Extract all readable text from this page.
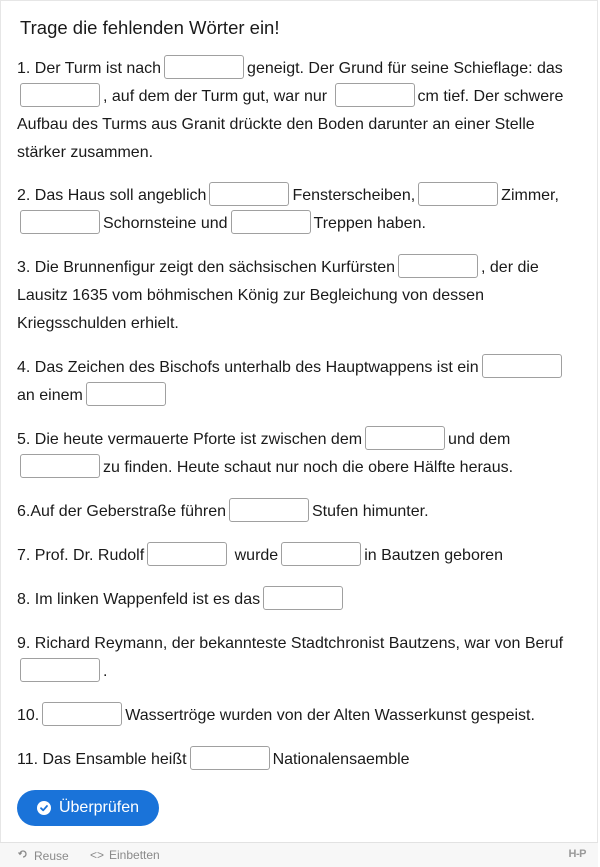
Trage die fehlenden Wörter ein!
1. Der Turm ist nach	geneigt. Der Grund für seine Schieflage: das , auf dem der Turm gut, war nur	cm tief. Der schwere Aufbau des Turms aus Granit drückte den Boden darunter an einer Stelle stärker zusammen.
2. Das Haus soll angeblich	Fensterscheiben,	Zimmer, Schornsteine und	Treppen haben.
3. Die Brunnenfigur zeigt den sächsischen Kurfürsten	, der die Lausitz 1635 vom böhmischen König zur Begleichung von dessen Kriegsschulden erhielt.
4. Das Zeichen des Bischofs unterhalb des Hauptwappens ist ein an einem
5. Die heute vermauerte Pforte ist zwischen dem	und dem zu finden. Heute schaut nur noch die obere Hälfte heraus.
6.Auf der Geberstraße führen	Stufen himunter.
7. Prof. Dr. Rudolf	wurde	in Bautzen geboren
8. Im linken Wappenfeld ist es das
9. Richard Reymann, der bekannteste Stadtchronist Bautzens, war von Beruf .
10.	Wassertröge wurden von der Alten Wasserkunst gespeist.
11. Das Ensamble heißt	Nationalensaemble
Überprüfen
Reuse <> Einbetten	H-P
